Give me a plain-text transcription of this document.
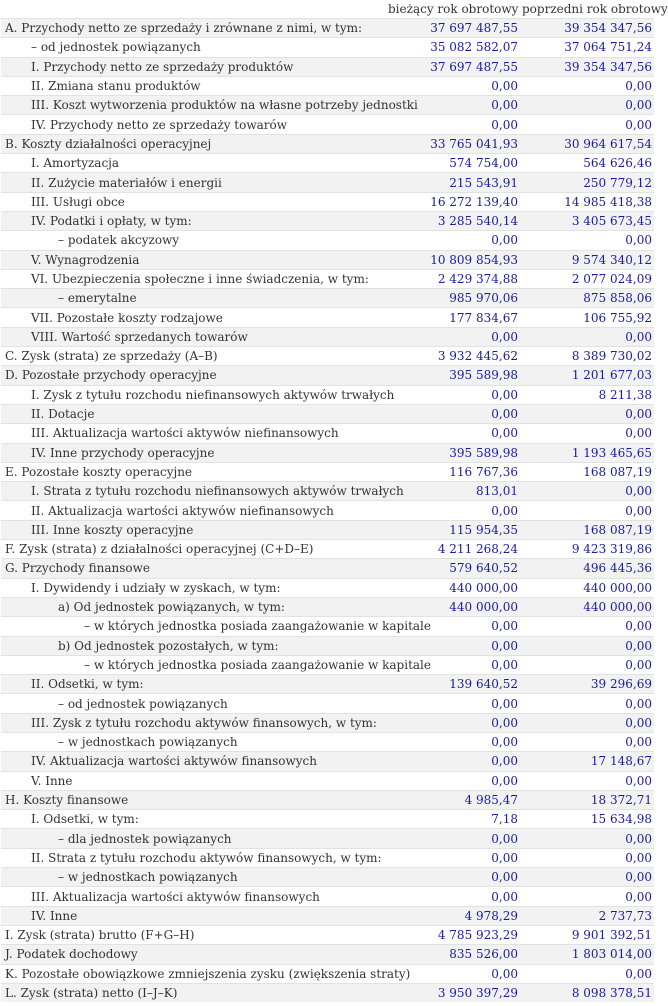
	bieżący rok obrotowy	poprzedni rok obrotowy
A. Przychody netto ze sprzedaży i zrównane z nimi, w tym:	37 697 487,55	39 354 347,56
– od jednostek powiązanych	35 082 582,07	37 064 751,24
I. Przychody netto ze sprzedaży produktów	37 697 487,55	39 354 347,56
II. Zmiana stanu produktów	0,00	0,00
III. Koszt wytworzenia produktów na własne potrzeby jednostki	0,00	0,00
IV. Przychody netto ze sprzedaży towarów	0,00	0,00
B. Koszty działalności operacyjnej	33 765 041,93	30 964 617,54
I. Amortyzacja	574 754,00	564 626,46
II. Zużycie materiałów i energii	215 543,91	250 779,12
III. Usługi obce	16 272 139,40	14 985 418,38
IV. Podatki i opłaty, w tym:	3 285 540,14	3 405 673,45
– podatek akcyzowy	0,00	0,00
V. Wynagrodzenia	10 809 854,93	9 574 340,12
VI. Ubezpieczenia społeczne i inne świadczenia, w tym:	2 429 374,88	2 077 024,09
– emerytalne	985 970,06	875 858,06
VII. Pozostałe koszty rodzajowe	177 834,67	106 755,92
VIII. Wartość sprzedanych towarów	0,00	0,00
C. Zysk (strata) ze sprzedaży (A–B)	3 932 445,62	8 389 730,02
D. Pozostałe przychody operacyjne	395 589,98	1 201 677,03
I. Zysk z tytułu rozchodu niefinansowych aktywów trwałych	0,00	8 211,38
II. Dotacje	0,00	0,00
III. Aktualizacja wartości aktywów niefinansowych	0,00	0,00
IV. Inne przychody operacyjne	395 589,98	1 193 465,65
E. Pozostałe koszty operacyjne	116 767,36	168 087,19
I. Strata z tytułu rozchodu niefinansowych aktywów trwałych	813,01	0,00
II. Aktualizacja wartości aktywów niefinansowych	0,00	0,00
III. Inne koszty operacyjne	115 954,35	168 087,19
F. Zysk (strata) z działalności operacyjnej (C+D–E)	4 211 268,24	9 423 319,86
G. Przychody finansowe	579 640,52	496 445,36
I. Dywidendy i udziały w zyskach, w tym:	440 000,00	440 000,00
a) Od jednostek powiązanych, w tym:	440 000,00	440 000,00
– w których jednostka posiada zaangażowanie w kapitale	0,00	0,00
b) Od jednostek pozostałych, w tym:	0,00	0,00
– w których jednostka posiada zaangażowanie w kapitale	0,00	0,00
II. Odsetki, w tym:	139 640,52	39 296,69
– od jednostek powiązanych	0,00	0,00
III. Zysk z tytułu rozchodu aktywów finansowych, w tym:	0,00	0,00
– w jednostkach powiązanych	0,00	0,00
IV. Aktualizacja wartości aktywów finansowych	0,00	17 148,67
V. Inne	0,00	0,00
H. Koszty finansowe	4 985,47	18 372,71
I. Odsetki, w tym:	7,18	15 634,98
– dla jednostek powiązanych	0,00	0,00
II. Strata z tytułu rozchodu aktywów finansowych, w tym:	0,00	0,00
– w jednostkach powiązanych	0,00	0,00
III. Aktualizacja wartości aktywów finansowych	0,00	0,00
IV. Inne	4 978,29	2 737,73
I. Zysk (strata) brutto (F+G–H)	4 785 923,29	9 901 392,51
J. Podatek dochodowy	835 526,00	1 803 014,00
K. Pozostałe obowiązkowe zmniejszenia zysku (zwiększenia straty)	0,00	0,00
L. Zysk (strata) netto (I–J–K)	3 950 397,29	8 098 378,51
